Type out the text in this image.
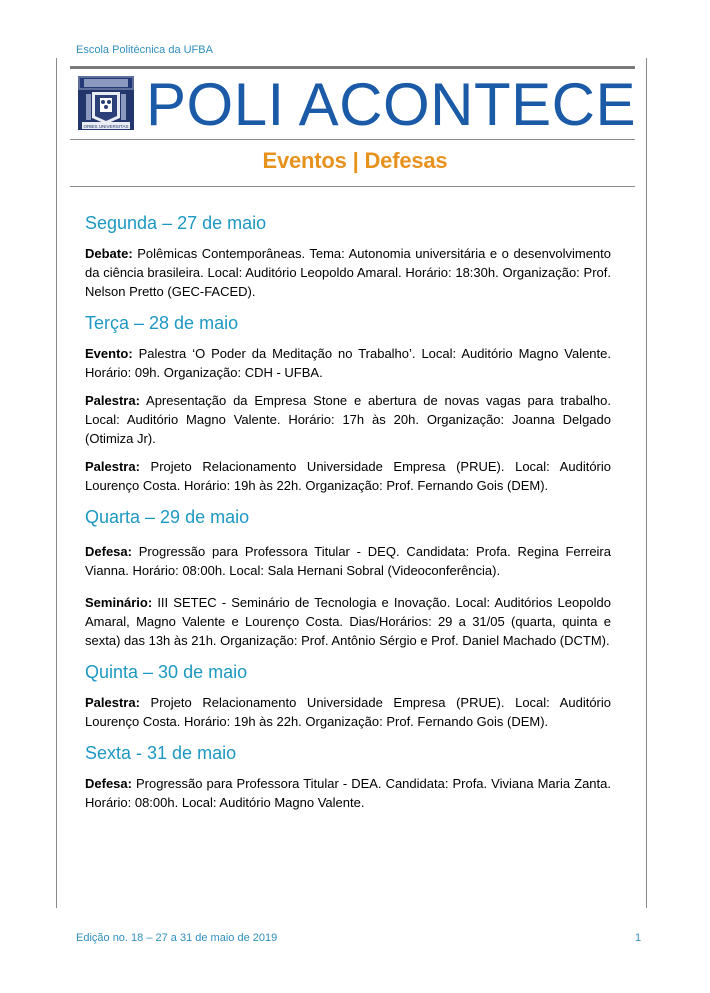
Escola Politécnica da UFBA
ORBIS UNIVERSITAS POLI ACONTECE
Eventos | Defesas
Segunda – 27 de maio

Debate: Polêmicas Contemporâneas. Tema: Autonomia universitária e o desenvolvimento da ciência brasileira. Local: Auditório Leopoldo Amaral. Horário: 18:30h. Organização: Prof. Nelson Pretto (GEC-FACED).

Terça – 28 de maio

Evento: Palestra ‘O Poder da Meditação no Trabalho’. Local: Auditório Magno Valente. Horário: 09h. Organização: CDH - UFBA.

Palestra: Apresentação da Empresa Stone e abertura de novas vagas para trabalho. Local: Auditório Magno Valente. Horário: 17h às 20h. Organização: Joanna Delgado (Otimiza Jr).

Palestra: Projeto Relacionamento Universidade Empresa (PRUE). Local: Auditório Lourenço Costa. Horário: 19h às 22h. Organização: Prof. Fernando Gois (DEM).

Quarta – 29 de maio

Defesa: Progressão para Professora Titular - DEQ. Candidata: Profa. Regina Ferreira Vianna. Horário: 08:00h. Local: Sala Hernani Sobral (Videoconferência).

Seminário: III SETEC - Seminário de Tecnologia e Inovação. Local: Auditórios Leopoldo Amaral, Magno Valente e Lourenço Costa. Dias/Horários: 29 a 31/05 (quarta, quinta e sexta) das 13h às 21h. Organização: Prof. Antônio Sérgio e Prof. Daniel Machado (DCTM).

Quinta – 30 de maio

Palestra: Projeto Relacionamento Universidade Empresa (PRUE). Local: Auditório Lourenço Costa. Horário: 19h às 22h. Organização: Prof. Fernando Gois (DEM).

Sexta - 31 de maio

Defesa: Progressão para Professora Titular - DEA. Candidata: Profa. Viviana Maria Zanta. Horário: 08:00h. Local: Auditório Magno Valente.

Edição no. 18 – 27 a 31 de maio de 2019	1
